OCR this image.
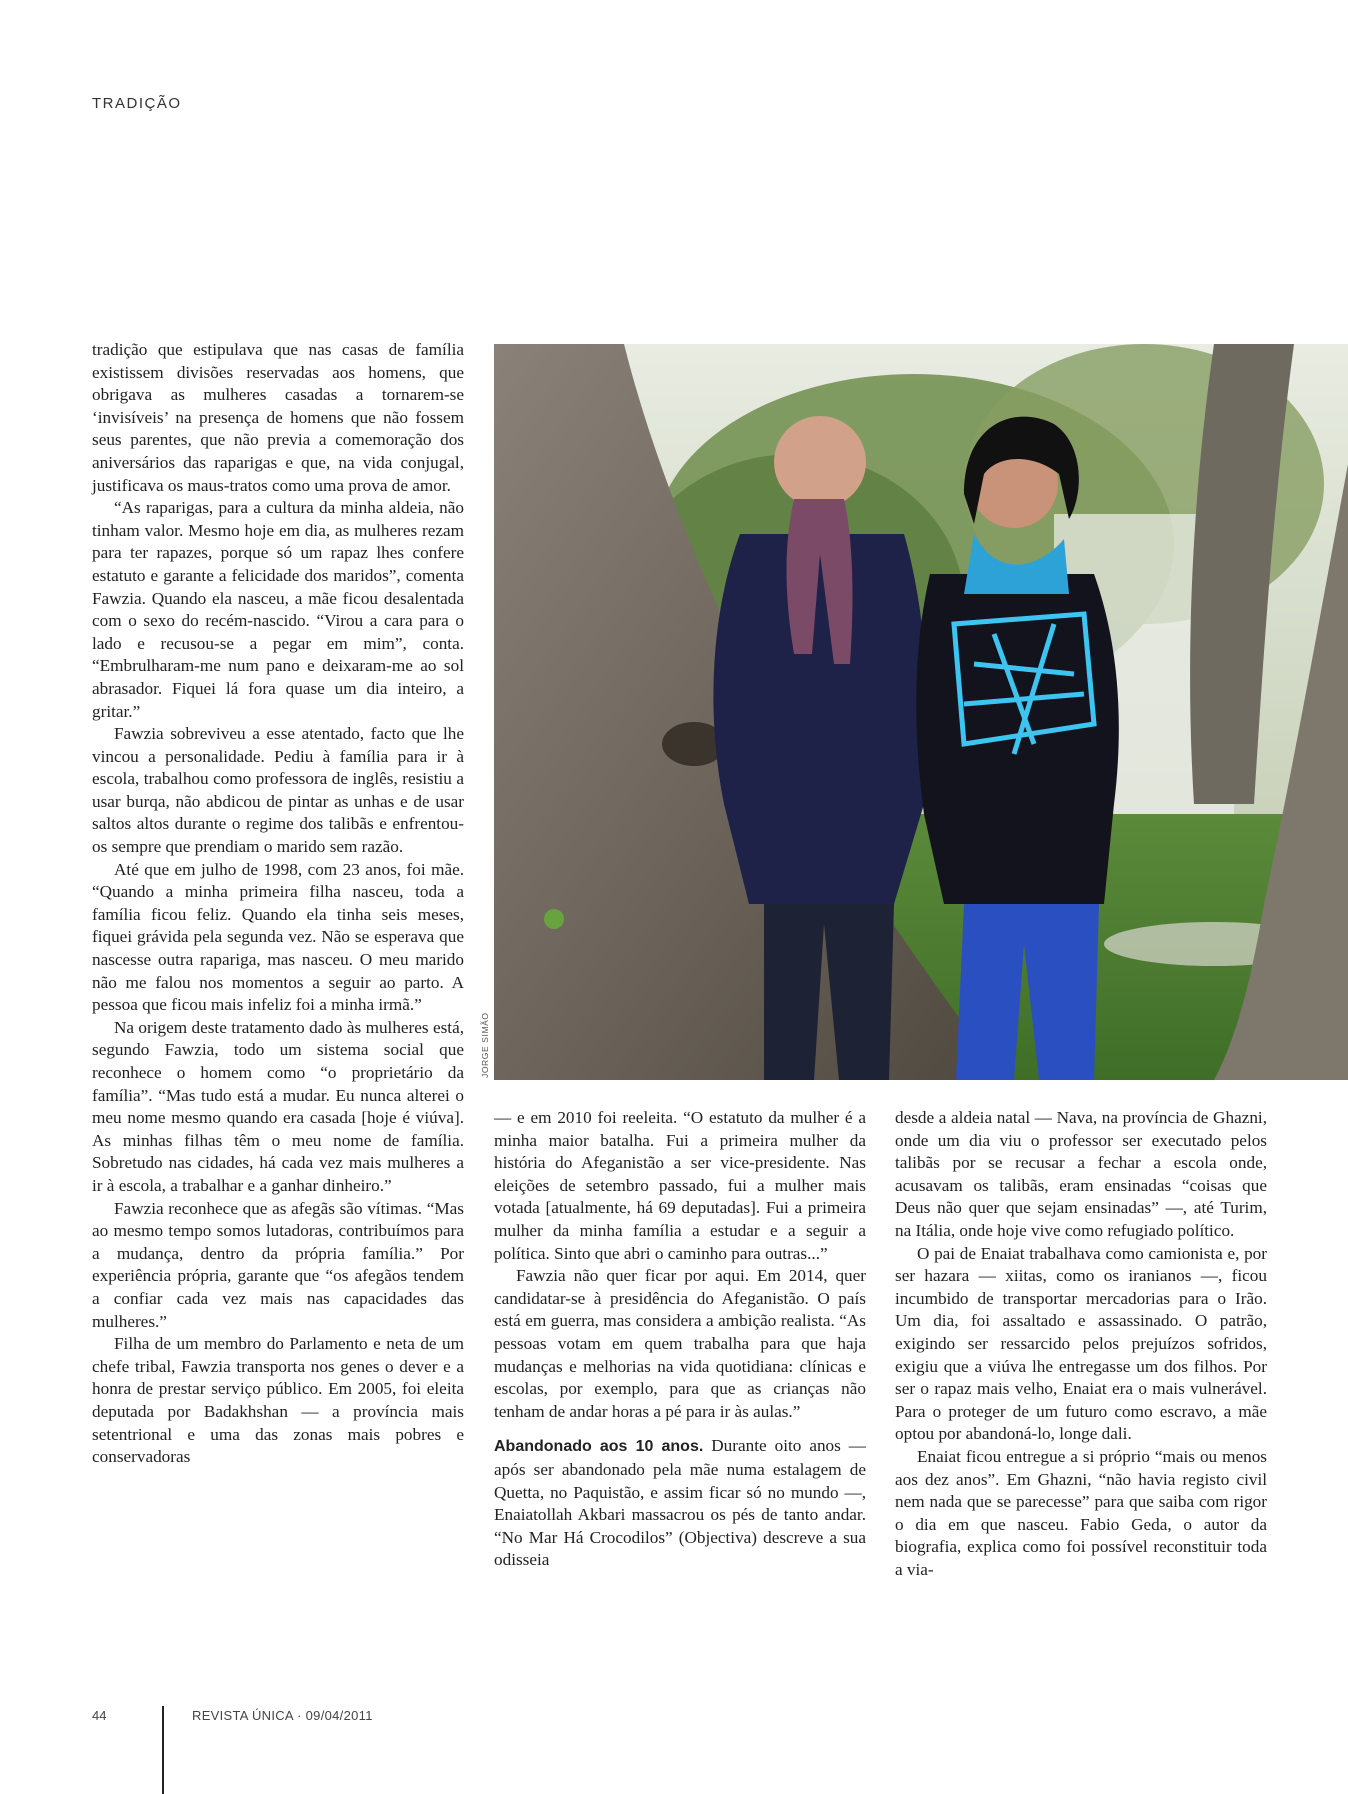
TRADIÇÃO

tradição que estipulava que nas casas de família existissem divisões reservadas aos homens, que obrigava as mulheres casadas a tornarem-se ‘invisíveis’ na presença de homens que não fossem seus parentes, que não previa a comemoração dos aniversários das raparigas e que, na vida conjugal, justificava os maus-tratos como uma prova de amor.

“As raparigas, para a cultura da minha aldeia, não tinham valor. Mesmo hoje em dia, as mulheres rezam para ter rapazes, porque só um rapaz lhes confere estatuto e garante a felicidade dos maridos”, comenta Fawzia. Quando ela nasceu, a mãe ficou desalentada com o sexo do recém-nascido. “Virou a cara para o lado e recusou-se a pegar em mim”, conta. “Embrulharam-me num pano e deixaram-me ao sol abrasador. Fiquei lá fora quase um dia inteiro, a gritar.”

Fawzia sobreviveu a esse atentado, facto que lhe vincou a personalidade. Pediu à família para ir à escola, trabalhou como professora de inglês, resistiu a usar burqa, não abdicou de pintar as unhas e de usar saltos altos durante o regime dos talibãs e enfrentou-os sempre que prendiam o marido sem razão.

Até que em julho de 1998, com 23 anos, foi mãe. “Quando a minha primeira filha nasceu, toda a família ficou feliz. Quando ela tinha seis meses, fiquei grávida pela segunda vez. Não se esperava que nascesse outra rapariga, mas nasceu. O meu marido não me falou nos momentos a seguir ao parto. A pessoa que ficou mais infeliz foi a minha irmã.”

Na origem deste tratamento dado às mulheres está, segundo Fawzia, todo um sistema social que reconhece o homem como “o proprietário da família”. “Mas tudo está a mudar. Eu nunca alterei o meu nome mesmo quando era casada [hoje é viúva]. As minhas filhas têm o meu nome de família. Sobretudo nas cidades, há cada vez mais mulheres a ir à escola, a trabalhar e a ganhar dinheiro.”

Fawzia reconhece que as afegãs são vítimas. “Mas ao mesmo tempo somos lutadoras, contribuímos para a mudança, dentro da própria família.” Por experiência própria, garante que “os afegãos tendem a confiar cada vez mais nas capacidades das mulheres.”

Filha de um membro do Parlamento e neta de um chefe tribal, Fawzia transporta nos genes o dever e a honra de prestar serviço público. Em 2005, foi eleita deputada por Badakhshan — a província mais setentrional e uma das zonas mais pobres e conservadoras

JORGE SIMÃO

— e em 2010 foi reeleita. “O estatuto da mulher é a minha maior batalha. Fui a primeira mulher da história do Afeganistão a ser vice-presidente. Nas eleições de setembro passado, fui a mulher mais votada [atualmente, há 69 deputadas]. Fui a primeira mulher da minha família a estudar e a seguir a política. Sinto que abri o caminho para outras...”

Fawzia não quer ficar por aqui. Em 2014, quer candidatar-se à presidência do Afeganistão. O país está em guerra, mas considera a ambição realista. “As pessoas votam em quem trabalha para que haja mudanças e melhorias na vida quotidiana: clínicas e escolas, por exemplo, para que as crianças não tenham de andar horas a pé para ir às aulas.”

Abandonado aos 10 anos. Durante oito anos — após ser abandonado pela mãe numa estalagem de Quetta, no Paquistão, e assim ficar só no mundo —, Enaiatollah Akbari massacrou os pés de tanto andar. “No Mar Há Crocodilos” (Objectiva) descreve a sua odisseia

desde a aldeia natal — Nava, na província de Ghazni, onde um dia viu o professor ser executado pelos talibãs por se recusar a fechar a escola onde, acusavam os talibãs, eram ensinadas “coisas que Deus não quer que sejam ensinadas” —, até Turim, na Itália, onde hoje vive como refugiado político.

O pai de Enaiat trabalhava como camionista e, por ser hazara — xiitas, como os iranianos —, ficou incumbido de transportar mercadorias para o Irão. Um dia, foi assaltado e assassinado. O patrão, exigindo ser ressarcido pelos prejuízos sofridos, exigiu que a viúva lhe entregasse um dos filhos. Por ser o rapaz mais velho, Enaiat era o mais vulnerável. Para o proteger de um futuro como escravo, a mãe optou por abandoná-lo, longe dali.

Enaiat ficou entregue a si próprio “mais ou menos aos dez anos”. Em Ghazni, “não havia registo civil nem nada que se parecesse” para que saiba com rigor o dia em que nasceu. Fabio Geda, o autor da biografia, explica como foi possível reconstituir toda a via-

44	REVISTA ÚNICA · 09/04/2011
